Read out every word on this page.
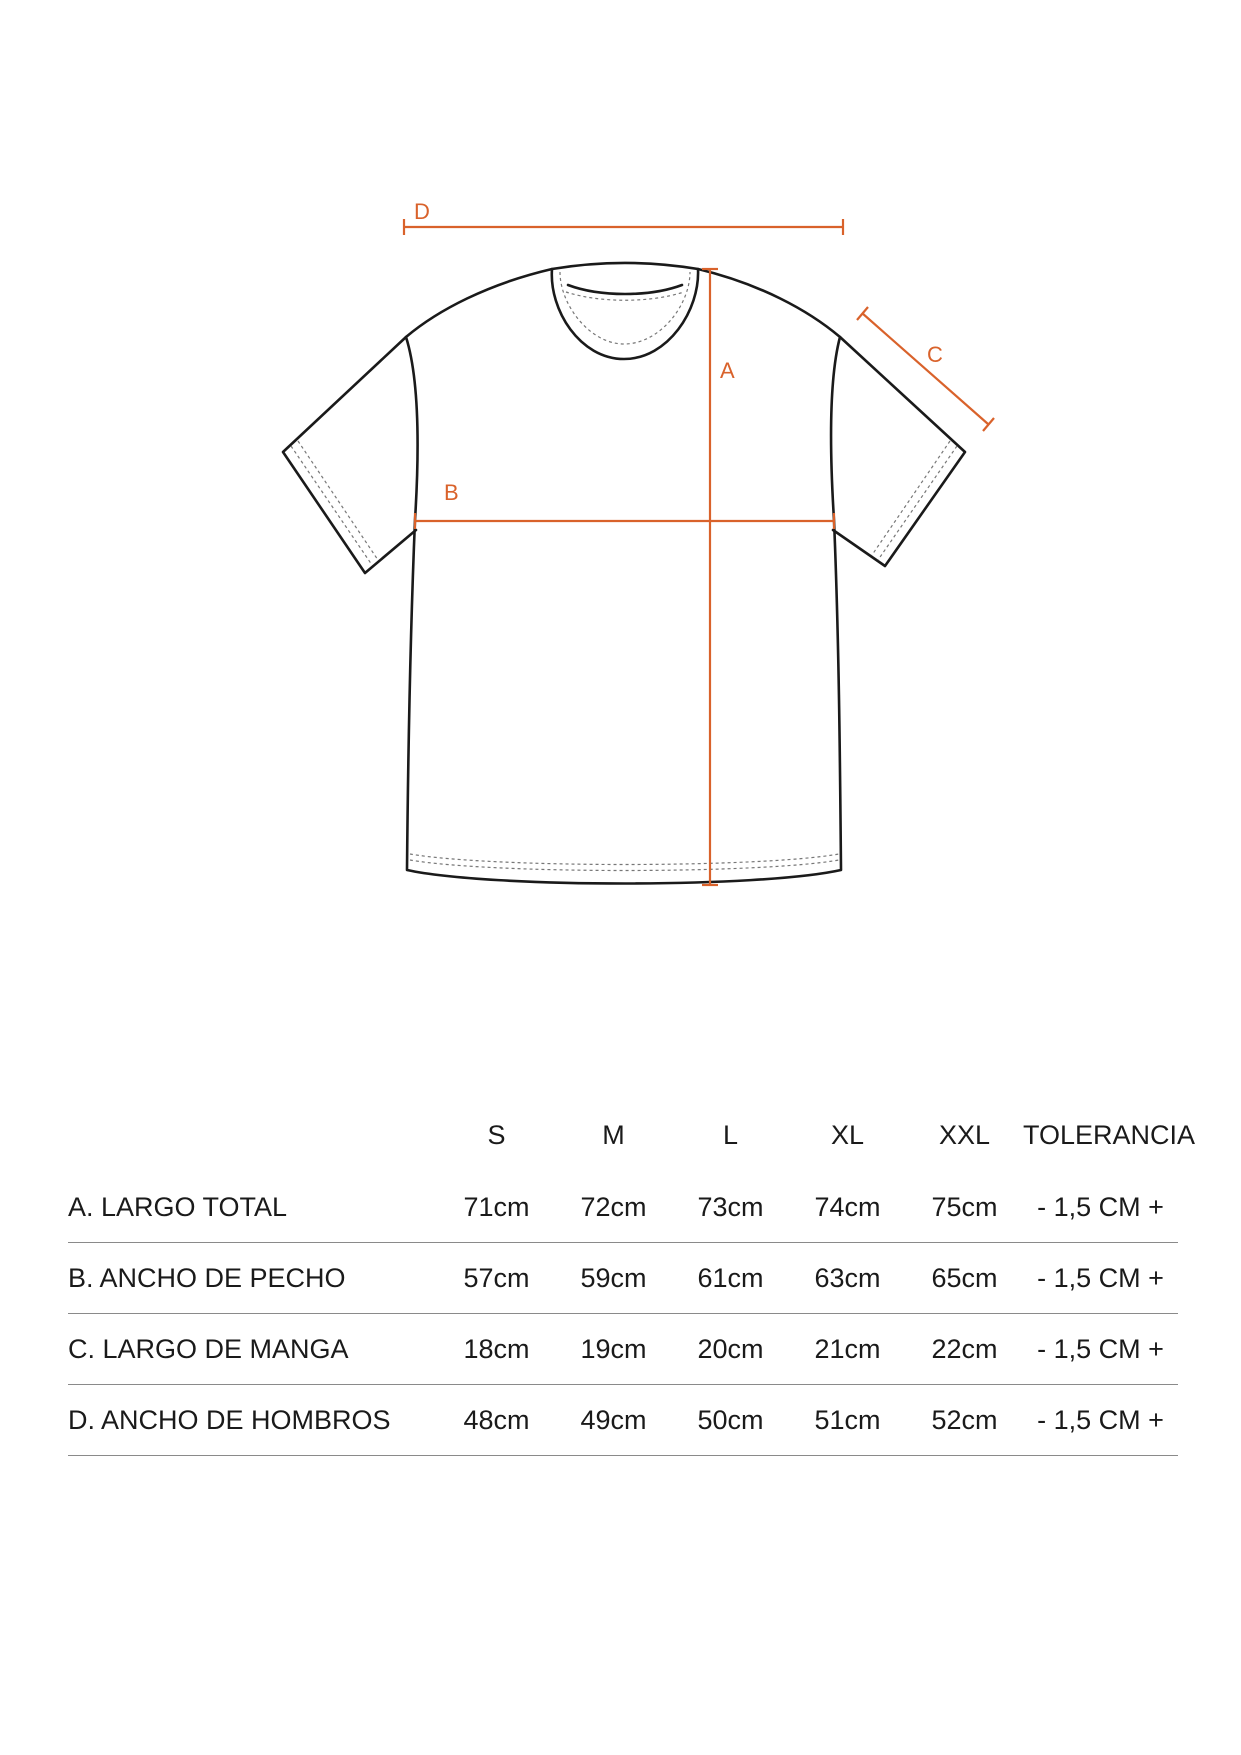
D
A
B
C
	S	M	L	XL	XXL	TOLERANCIA
A. LARGO TOTAL	71cm	72cm	73cm	74cm	75cm	- 1,5 CM +
B. ANCHO DE PECHO	57cm	59cm	61cm	63cm	65cm	- 1,5 CM +
C. LARGO DE MANGA	18cm	19cm	20cm	21cm	22cm	- 1,5 CM +
D. ANCHO DE HOMBROS	48cm	49cm	50cm	51cm	52cm	- 1,5 CM +
